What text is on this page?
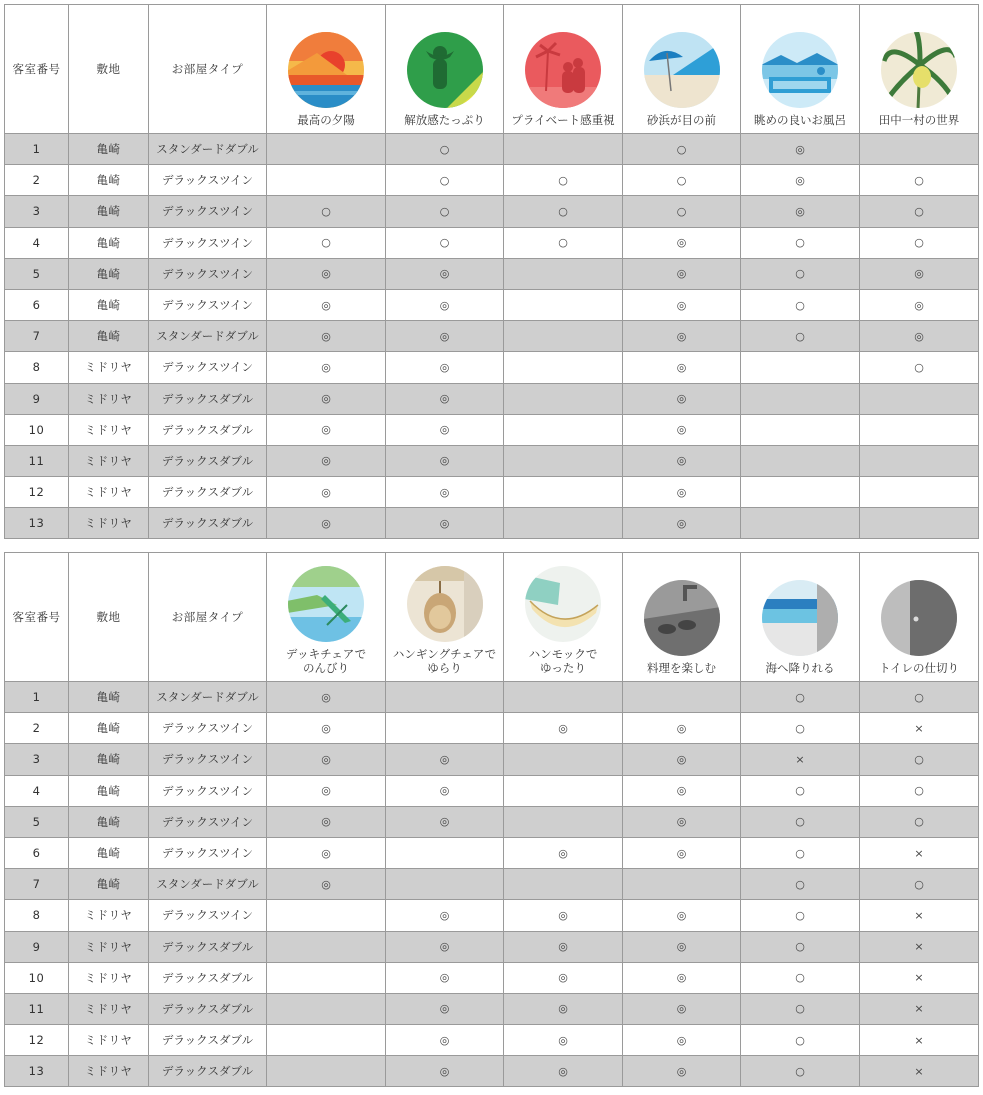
客室番号	敷地	お部屋タイプ	最高の夕陽	解放感たっぷり	プライベート感重視	砂浜が目の前	眺めの良いお風呂	田中一村の世界

1	亀崎	スタンダードダブル		○		○	◎	
2	亀崎	デラックスツイン		○	○	○	◎	○
3	亀崎	デラックスツイン	○	○	○	○	◎	○
4	亀崎	デラックスツイン	○	○	○	◎	○	○
5	亀崎	デラックスツイン	◎	◎		◎	○	◎
6	亀崎	デラックスツイン	◎	◎		◎	○	◎
7	亀崎	スタンダードダブル	◎	◎		◎	○	◎
8	ミドリヤ	デラックスツイン	◎	◎		◎		○
9	ミドリヤ	デラックスダブル	◎	◎		◎		
10	ミドリヤ	デラックスダブル	◎	◎		◎		
11	ミドリヤ	デラックスダブル	◎	◎		◎		
12	ミドリヤ	デラックスダブル	◎	◎		◎		
13	ミドリヤ	デラックスダブル	◎	◎		◎		
客室番号	敷地	お部屋タイプ	デッキチェアで
のんびり	ハンギングチェアで
ゆらり	ハンモックで
ゆったり	料理を楽しむ	海へ降りれる	トイレの仕切り

1	亀崎	スタンダードダブル	◎				○	○
2	亀崎	デラックスツイン	◎		◎	◎	○	×
3	亀崎	デラックスツイン	◎	◎		◎	×	○
4	亀崎	デラックスツイン	◎	◎		◎	○	○
5	亀崎	デラックスツイン	◎	◎		◎	○	○
6	亀崎	デラックスツイン	◎		◎	◎	○	×
7	亀崎	スタンダードダブル	◎				○	○
8	ミドリヤ	デラックスツイン		◎	◎	◎	○	×
9	ミドリヤ	デラックスダブル		◎	◎	◎	○	×
10	ミドリヤ	デラックスダブル		◎	◎	◎	○	×
11	ミドリヤ	デラックスダブル		◎	◎	◎	○	×
12	ミドリヤ	デラックスダブル		◎	◎	◎	○	×
13	ミドリヤ	デラックスダブル		◎	◎	◎	○	×
